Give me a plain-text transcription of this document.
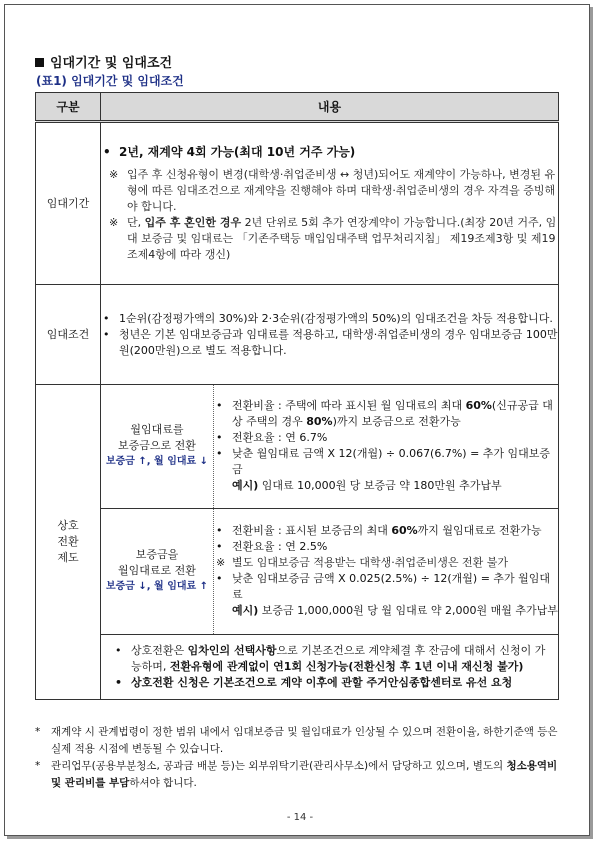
임대기간 및 임대조건
(표1) 임대기간 및 임대조건
구분	내용
임대기간	
• 2년, 재계약 4회 가능(최대 10년 거주 가능)
※ 입주 후 신청유형이 변경(대학생·취업준비생 ↔ 청년)되어도 재계약이 가능하나, 변경된 유형에 따른 임대조건으로 재계약을 진행해야 하며 대학생·취업준비생의 경우 자격을 증빙해야 합니다.
※ 단, 입주 후 혼인한 경우 2년 단위로 5회 추가 연장계약이 가능합니다.(최장 20년 거주, 임대 보증금 및 임대료는 「기존주택등 매입임대주택 업무처리지침」 제19조제3항 및 제19조제4항에 따라 갱신)

임대조건	
• 1순위(감정평가액의 30%)와 2·3순위(감정평가액의 50%)의 임대조건을 차등 적용합니다.
• 청년은 기본 임대보증금과 임대료를 적용하고, 대학생·취업준비생의 경우 임대보증금 100만원(200만원)으로 별도 적용합니다.

상호
전환
제도

월임대료를
보증금으로 전환
보증금 ↑, 월 임대료 ↓

• 전환비율 : 주택에 따라 표시된 월 임대료의 최대 60%(신규공급 대상 주택의 경우 80%)까지 보증금으로 전환가능
• 전환요율 : 연 6.7%
• 낮춘 월임대료 금액 X 12(개월) ÷ 0.067(6.7%) = 추가 임대보증금
예시) 임대료 10,000원 당 보증금 약 180만원 추가납부

보증금을
월임대료로 전환
보증금 ↓, 월 임대료 ↑

• 전환비율 : 표시된 보증금의 최대 60%까지 월임대료로 전환가능
• 전환요율 : 연 2.5%
※ 별도 임대보증금 적용받는 대학생·취업준비생은 전환 불가
• 낮춘 임대보증금 금액 X 0.025(2.5%) ÷ 12(개월) = 추가 월임대료
예시) 보증금 1,000,000원 당 월 임대료 약 2,000원 매월 추가납부

• 상호전환은 임차인의 선택사항으로 기본조건으로 계약체결 후 잔금에 대해서 신청이 가능하며, 전환유형에 관계없이 연1회 신청가능(전환신청 후 1년 이내 재신청 불가)
• 상호전환 신청은 기본조건으로 계약 이후에 관할 주거안심종합센터로 유선 요청
* 재계약 시 관계법령이 정한 범위 내에서 임대보증금 및 월임대료가 인상될 수 있으며 전환이율, 하한기준액 등은 실제 적용 시점에 변동될 수 있습니다.
* 관리업무(공용부분청소, 공과금 배분 등)는 외부위탁기관(관리사무소)에서 담당하고 있으며, 별도의 청소용역비 및 관리비를 부담하셔야 합니다.
- 14 -
